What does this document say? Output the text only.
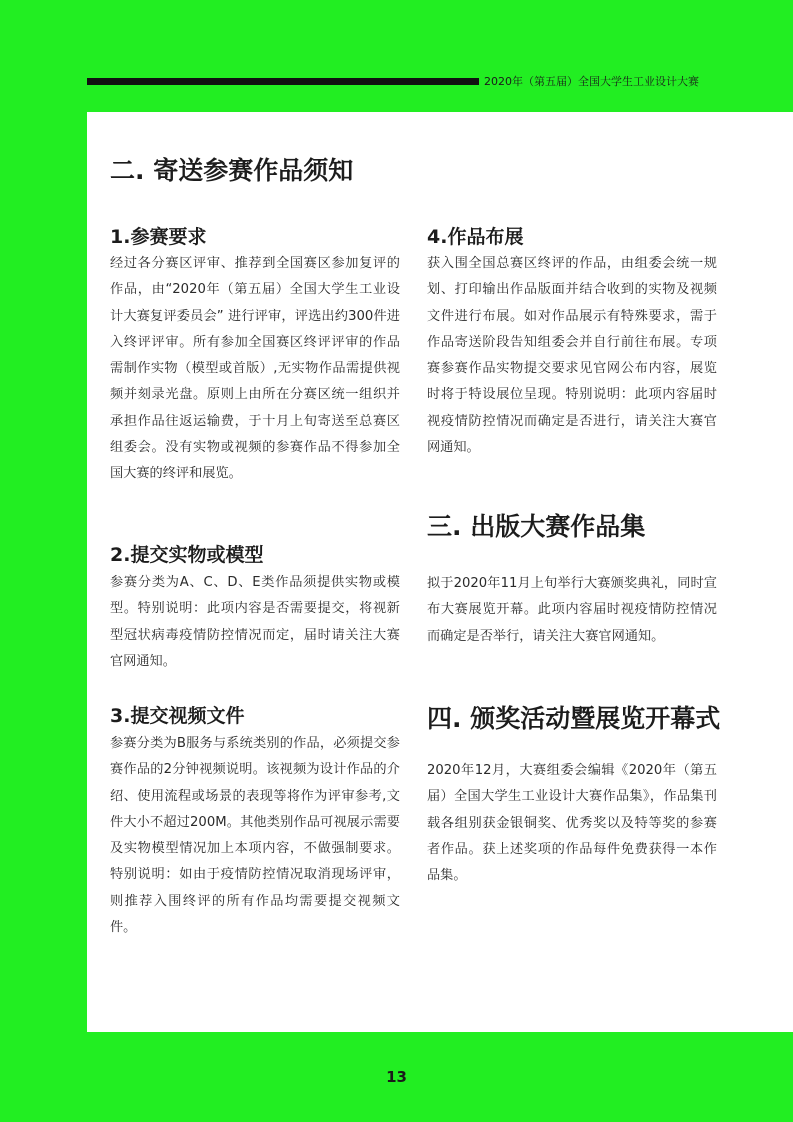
2020年（第五届）全国大学生工业设计大赛
二. 寄送参赛作品须知
1.参赛要求

经过各分赛区评审、推荐到全国赛区参加复评的作品，由“2020年（第五届）全国大学生工业设计大赛复评委员会” 进行评审，评选出约300件进入终评评审。所有参加全国赛区终评评审的作品需制作实物（模型或首版）,无实物作品需提供视频并刻录光盘。原则上由所在分赛区统一组织并承担作品往返运输费，于十月上旬寄送至总赛区组委会。没有实物或视频的参赛作品不得参加全国大赛的终评和展览。

2.提交实物或模型

参赛分类为A、C、D、E类作品须提供实物或模型。特别说明：此项内容是否需要提交，将视新型冠状病毒疫情防控情况而定，届时请关注大赛官网通知。

3.提交视频文件

参赛分类为B服务与系统类别的作品，必须提交参赛作品的2分钟视频说明。该视频为设计作品的介绍、使用流程或场景的表现等将作为评审参考,文件大小不超过200M。其他类别作品可视展示需要及实物模型情况加上本项内容，不做强制要求。特别说明：如由于疫情防控情况取消现场评审，则推荐入围终评的所有作品均需要提交视频文件。

4.作品布展

获入围全国总赛区终评的作品，由组委会统一规划、打印输出作品版面并结合收到的实物及视频文件进行布展。如对作品展示有特殊要求，需于作品寄送阶段告知组委会并自行前往布展。专项赛参赛作品实物提交要求见官网公布内容，展览时将于特设展位呈现。特别说明：此项内容届时视疫情防控情况而确定是否进行，请关注大赛官网通知。

三. 出版大赛作品集

拟于2020年11月上旬举行大赛颁奖典礼，同时宣布大赛展览开幕。此项内容届时视疫情防控情况而确定是否举行，请关注大赛官网通知。

四. 颁奖活动暨展览开幕式

2020年12月，大赛组委会编辑《2020年（第五届）全国大学生工业设计大赛作品集》，作品集刊载各组别获金银铜奖、优秀奖以及特等奖的参赛者作品。获上述奖项的作品每件免费获得一本作品集。

13
